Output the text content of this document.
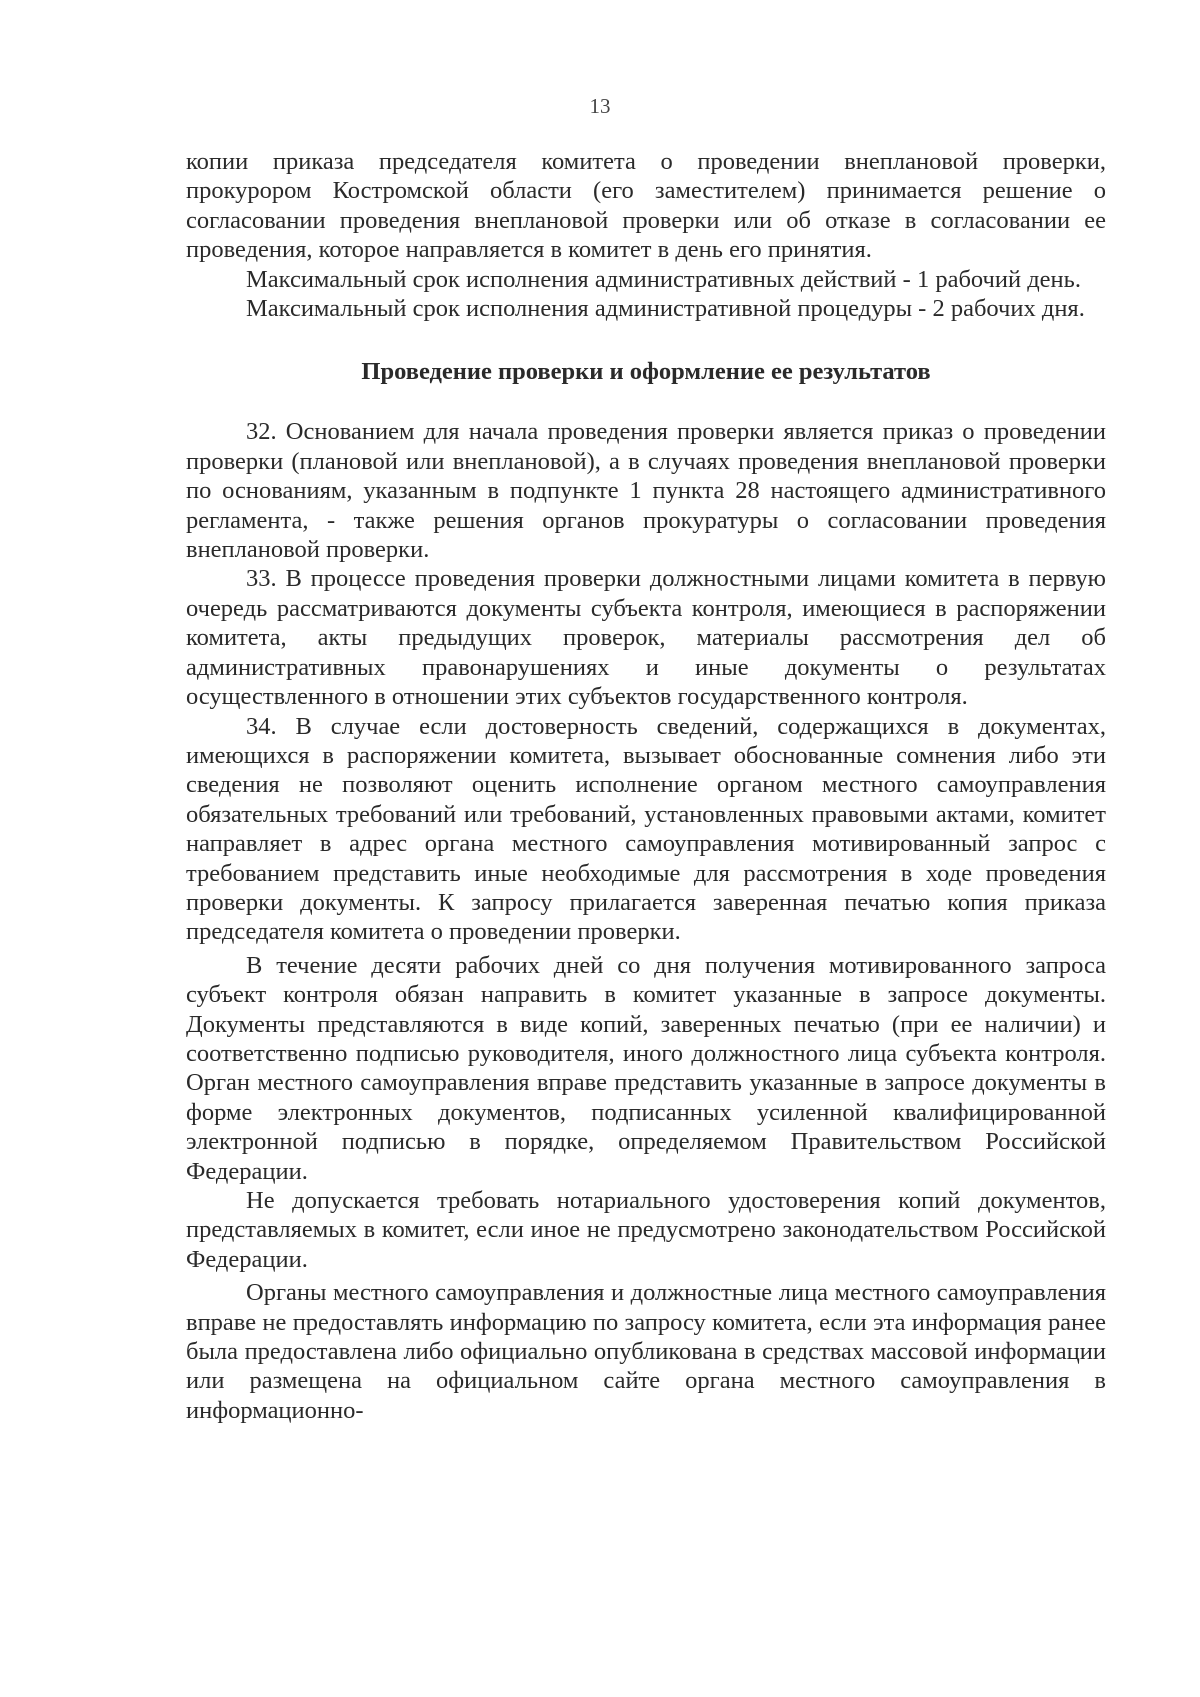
13

копии приказа председателя комитета о проведении внеплановой проверки, прокурором Костромской области (его заместителем) принимается решение о согласовании проведения внеплановой проверки или об отказе в согласовании ее проведения, которое направляется в комитет в день его принятия.

Максимальный срок исполнения административных действий - 1 рабочий день.

Максимальный срок исполнения административной процедуры - 2 рабочих дня.

Проведение проверки и оформление ее результатов

32. Основанием для начала проведения проверки является приказ о проведении проверки (плановой или внеплановой), а в случаях проведения внеплановой проверки по основаниям, указанным в подпункте 1 пункта 28 настоящего административного регламента, - также решения органов прокуратуры о согласовании проведения внеплановой проверки.

33. В процессе проведения проверки должностными лицами комитета в первую очередь рассматриваются документы субъекта контроля, имеющиеся в распоряжении комитета, акты предыдущих проверок, материалы рассмотрения дел об административных правонарушениях и иные документы о результатах осуществленного в отношении этих субъектов государственного контроля.

34. В случае если достоверность сведений, содержащихся в документах, имеющихся в распоряжении комитета, вызывает обоснованные сомнения либо эти сведения не позволяют оценить исполнение органом местного самоуправления обязательных требований или требований, установленных правовыми актами, комитет направляет в адрес органа местного самоуправления мотивированный запрос с требованием представить иные необходимые для рассмотрения в ходе проведения проверки документы. К запросу прилагается заверенная печатью копия приказа председателя комитета о проведении проверки.

В течение десяти рабочих дней со дня получения мотивированного запроса субъект контроля обязан направить в комитет указанные в запросе документы. Документы представляются в виде копий, заверенных печатью (при ее наличии) и соответственно подписью руководителя, иного должностного лица субъекта контроля. Орган местного самоуправления вправе представить указанные в запросе документы в форме электронных документов, подписанных усиленной квалифицированной электронной подписью в порядке, определяемом Правительством Российской Федерации.

Не допускается требовать нотариального удостоверения копий документов, представляемых в комитет, если иное не предусмотрено законодательством Российской Федерации.

Органы местного самоуправления и должностные лица местного самоуправления вправе не предоставлять информацию по запросу комитета, если эта информация ранее была предоставлена либо официально опубликована в средствах массовой информации или размещена на официальном сайте органа местного самоуправления в информационно-
